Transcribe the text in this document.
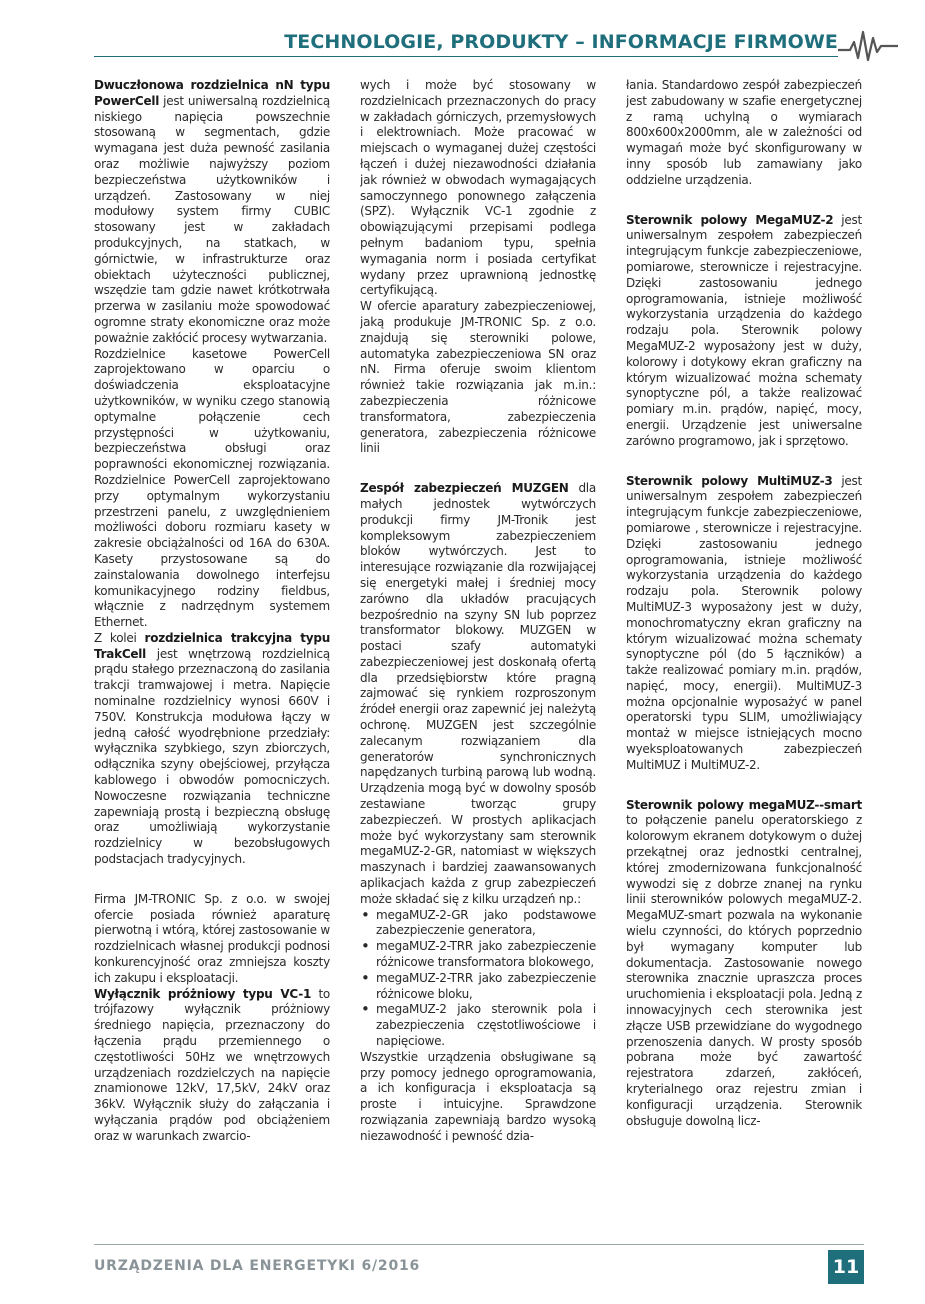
TECHNOLOGIE, PRODUKTY – INFORMACJE FIRMOWE

Dwuczłonowa rozdzielnica nN typu PowerCell jest uniwersalną rozdzielnicą niskiego napięcia powszechnie stosowaną w segmentach, gdzie wymagana jest duża pewność zasilania oraz możliwie najwyższy poziom bezpieczeństwa użytkowników i urządzeń. Zastosowany w niej modułowy system firmy CUBIC stosowany jest w zakładach produkcyjnych, na statkach, w górnictwie, w infrastrukturze oraz obiektach użyteczności publicznej, wszędzie tam gdzie nawet krótkotrwała przerwa w zasilaniu może spowodować ogromne straty ekonomiczne oraz może poważnie zakłócić procesy wytwarzania.

Rozdzielnice kasetowe PowerCell zaprojektowano w oparciu o doświadczenia eksploatacyjne użytkowników, w wyniku czego stanowią optymalne połączenie cech przystępności w użytkowaniu, bezpieczeństwa obsługi oraz poprawności ekonomicznej rozwiązania. Rozdzielnice PowerCell zaprojektowano przy optymalnym wykorzystaniu przestrzeni panelu, z uwzględnieniem możliwości doboru rozmiaru kasety w zakresie obciążalności od 16A do 630A. Kasety przystosowane są do zainstalowania dowolnego interfejsu komunikacyjnego rodziny fieldbus, włącznie z nadrzędnym systemem Ethernet.

Z kolei rozdzielnica trakcyjna typu TrakCell jest wnętrzową rozdzielnicą prądu stałego przeznaczoną do zasilania trakcji tramwajowej i metra. Napięcie nominalne rozdzielnicy wynosi 660V i 750V. Konstrukcja modułowa łączy w jedną całość wyodrębnione przedziały: wyłącznika szybkiego, szyn zbiorczych, odłącznika szyny obejściowej, przyłącza kablowego i obwodów pomocniczych. Nowoczesne rozwiązania techniczne zapewniają prostą i bezpieczną obsługę oraz umożliwiają wykorzystanie rozdzielnicy w bezobsługowych podstacjach tradycyjnych.

Firma JM-TRONIC Sp. z o.o. w swojej ofercie posiada również aparaturę pierwotną i wtórą, której zastosowanie w rozdzielnicach własnej produkcji podnosi konkurencyjność oraz zmniejsza koszty ich zakupu i eksploatacji.

Wyłącznik próżniowy typu VC-1 to trójfazowy wyłącznik próżniowy średniego napięcia, przeznaczony do łączenia prądu przemiennego o częstotliwości 50Hz we wnętrzowych urządzeniach rozdzielczych na napięcie znamionowe 12kV, 17,5kV, 24kV oraz 36kV. Wyłącznik służy do załączania i wyłączania prądów pod obciążeniem oraz w warunkach zwarcio-

wych i może być stosowany w rozdzielnicach przeznaczonych do pracy w zakładach górniczych, przemysłowych i elektrowniach. Może pracować w miejscach o wymaganej dużej częstości łączeń i dużej niezawodności działania jak również w obwodach wymagających samoczynnego ponownego załączenia (SPZ). Wyłącznik VC-1 zgodnie z obowiązującymi przepisami podlega pełnym badaniom typu, spełnia wymagania norm i posiada certyfikat wydany przez uprawnioną jednostkę certyfikującą.

W ofercie aparatury zabezpieczeniowej, jaką produkuje JM-TRONIC Sp. z o.o. znajdują się sterowniki polowe, automatyka zabezpieczeniowa SN oraz nN. Firma oferuje swoim klientom również takie rozwiązania jak m.in.: zabezpieczenia różnicowe transformatora, zabezpieczenia generatora, zabezpieczenia różnicowe linii

Zespół zabezpieczeń MUZGEN dla małych jednostek wytwórczych produkcji firmy JM-Tronik jest kompleksowym zabezpieczeniem bloków wytwórczych. Jest to interesujące rozwiązanie dla rozwijającej się energetyki małej i średniej mocy zarówno dla układów pracujących bezpośrednio na szyny SN lub poprzez transformator blokowy. MUZGEN w postaci szafy automatyki zabezpieczeniowej jest doskonałą ofertą dla przedsiębiorstw które pragną zajmować się rynkiem rozproszonym źródeł energii oraz zapewnić jej należytą ochronę. MUZGEN jest szczególnie zalecanym rozwiązaniem dla generatorów synchronicznych napędzanych turbiną parową lub wodną. Urządzenia mogą być w dowolny sposób zestawiane tworząc grupy zabezpieczeń. W prostych aplikacjach może być wykorzystany sam sterownik megaMUZ-2-GR, natomiast w większych maszynach i bardziej zaawansowanych aplikacjach każda z grup zabezpieczeń może składać się z kilku urządzeń np.:

• megaMUZ-2-GR jako podstawowe zabezpieczenie generatora,
• megaMUZ-2-TRR jako zabezpieczenie różnicowe transformatora blokowego,
• megaMUZ-2-TRR jako zabezpieczenie różnicowe bloku,
• megaMUZ-2 jako sterownik pola i zabezpieczenia częstotliwościowe i napięciowe.

Wszystkie urządzenia obsługiwane są przy pomocy jednego oprogramowania, a ich konfiguracja i eksploatacja są proste i intuicyjne. Sprawdzone rozwiązania zapewniają bardzo wysoką niezawodność i pewność dzia-

łania. Standardowo zespół zabezpieczeń jest zabudowany w szafie energetycznej z ramą uchylną o wymiarach 800x600x2000mm, ale w zależności od wymagań może być skonfigurowany w inny sposób lub zamawiany jako oddzielne urządzenia.

Sterownik polowy MegaMUZ-2 jest uniwersalnym zespołem zabezpieczeń integrującym funkcje zabezpieczeniowe, pomiarowe, sterownicze i rejestracyjne. Dzięki zastosowaniu jednego oprogramowania, istnieje możliwość wykorzystania urządzenia do każdego rodzaju pola. Sterownik polowy MegaMUZ-2 wyposażony jest w duży, kolorowy i dotykowy ekran graficzny na którym wizualizować można schematy synoptyczne pól, a także realizować pomiary m.in. prądów, napięć, mocy, energii. Urządzenie jest uniwersalne zarówno programowo, jak i sprzętowo.

Sterownik polowy MultiMUZ-3 jest uniwersalnym zespołem zabezpieczeń integrującym funkcje zabezpieczeniowe, pomiarowe , sterownicze i rejestracyjne. Dzięki zastosowaniu jednego oprogramowania, istnieje możliwość wykorzystania urządzenia do każdego rodzaju pola. Sterownik polowy MultiMUZ-3 wyposażony jest w duży, monochromatyczny ekran graficzny na którym wizualizować można schematy synoptyczne pól (do 5 łączników) a także realizować pomiary m.in. prądów, napięć, mocy, energii). MultiMUZ-3 można opcjonalnie wyposażyć w panel operatorski typu SLIM, umożliwiający montaż w miejsce istniejących mocno wyeksploatowanych zabezpieczeń MultiMUZ i MultiMUZ-2.

Sterownik polowy megaMUZ--smart to połączenie panelu operatorskiego z kolorowym ekranem dotykowym o dużej przekątnej oraz jednostki centralnej, której zmodernizowana funkcjonalność wywodzi się z dobrze znanej na rynku linii sterowników polowych megaMUZ-2. MegaMUZ-smart pozwala na wykonanie wielu czynności, do których poprzednio był wymagany komputer lub dokumentacja. Zastosowanie nowego sterownika znacznie upraszcza proces uruchomienia i eksploatacji pola. Jedną z innowacyjnych cech sterownika jest złącze USB przewidziane do wygodnego przenoszenia danych. W prosty sposób pobrana może być zawartość rejestratora zdarzeń, zakłóceń, kryterialnego oraz rejestru zmian i konfiguracji urządzenia. Sterownik obsługuje dowolną licz-

URZĄDZENIA DLA ENERGETYKI 6/2016	11
